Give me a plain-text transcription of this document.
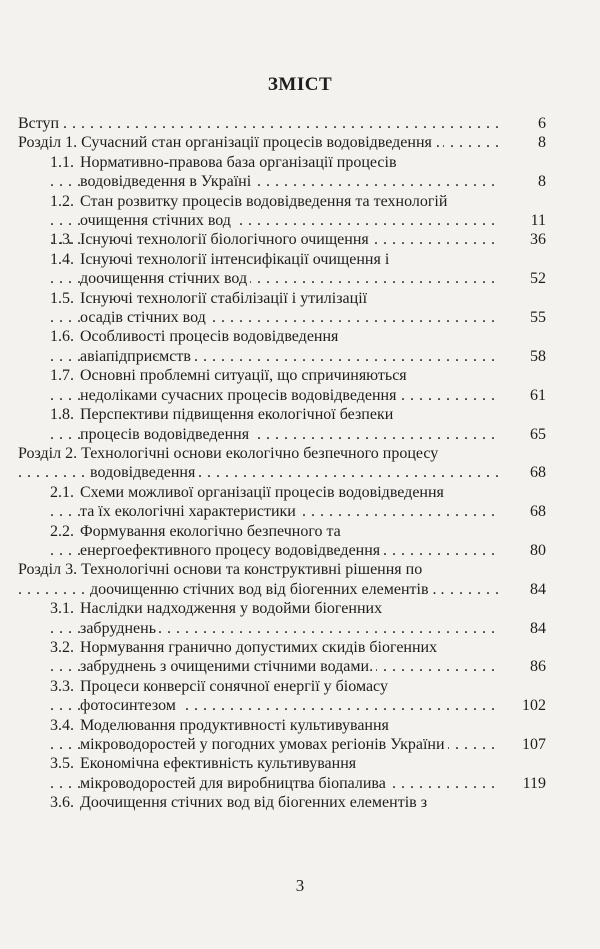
ЗМІСТ
Вступ . . .	6
Розділ 1. Сучасний стан організації процесів водовідведення . . . .	8
1.1. Нормативно-правова база організації процесів
водовідведення в Україні . . .	8
1.2. Стан розвитку процесів водовідведення та технологій
очищення стічних вод . . .	11
1.3. Існуючі технології біологічного очищення . . .	36
1.4. Існуючі технології інтенсифікації очищення і
доочищення стічних вод . . .	52
1.5. Існуючі технології стабілізації і утилізації
осадів стічних вод . . .	55
1.6. Особливості процесів водовідведення
авіапідприємств . . .	58
1.7. Основні проблемні ситуації, що спричиняються
недоліками сучасних процесів водовідведення . . .	61
1.8. Перспективи підвищення екологічної безпеки
процесів водовідведення . . .	65
Розділ 2. Технологічні основи екологічно безпечного процесу
водовідведення . . .	68
2.1. Схеми можливої організації процесів водовідведення
та їх екологічні характеристики . . .	68
2.2. Формування екологічно безпечного та
енергоефективного процесу водовідведення . . .	80
Розділ 3. Технологічні основи та конструктивні рішення по
доочищенню стічних вод від біогенних елементів . . . . .	84
3.1. Наслідки надходження у водойми біогенних
забруднень . . .	84
3.2. Нормування гранично допустимих скидів біогенних
забруднень з очищеними стічними водами. . . .	86
3.3. Процеси конверсії сонячної енергії у біомасу
фотосинтезом . . .	102
3.4. Моделювання продуктивності культивування
мікроводоростей у погодних умовах регіонів України . . .	107
3.5. Економічна ефективність культивування
мікроводоростей для виробництва біопалива . . .	119
3.6. Доочищення стічних вод від біогенних елементів з
3
